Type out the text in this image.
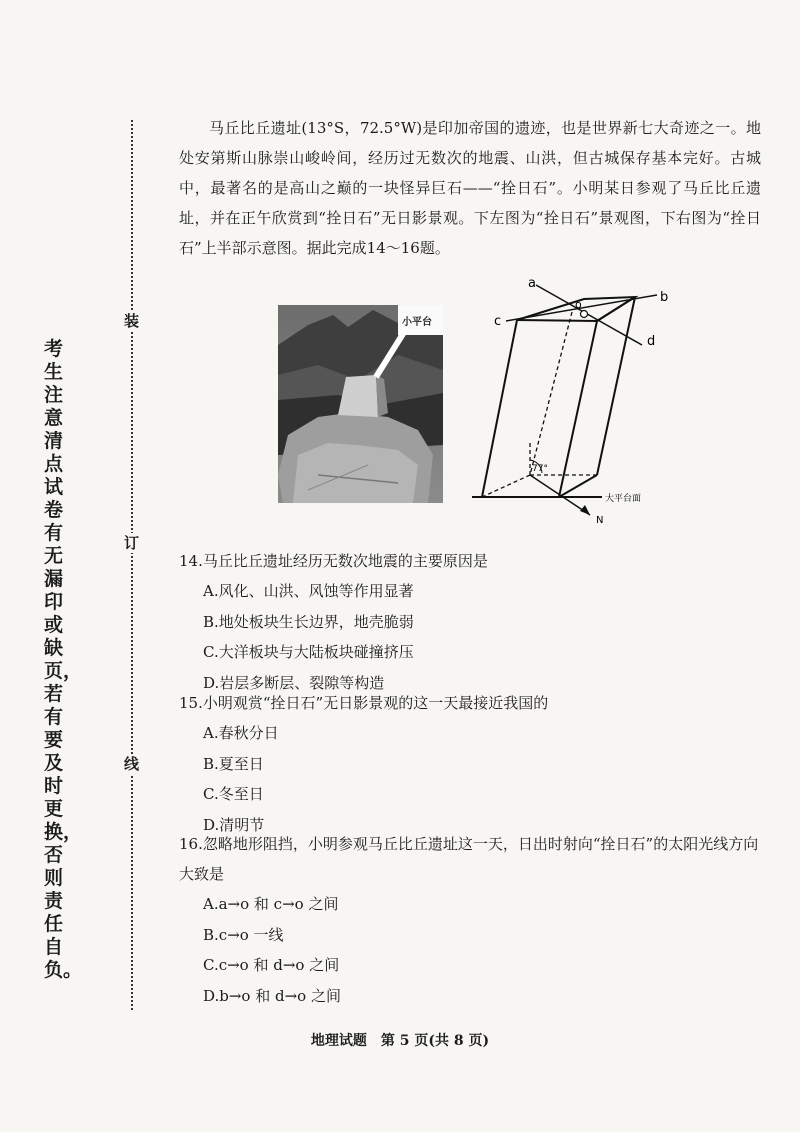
装
订
线
考生注意清点试卷有无漏印或缺页，若有要及时更换，否则责任自负。

马丘比丘遗址(13°S，72.5°W)是印加帝国的遗迹，也是世界新七大奇迹之一。地处安第斯山脉崇山峻岭间，经历过无数次的地震、山洪，但古城保存基本完好。古城中，最著名的是高山之巅的一块怪异巨石——“拴日石”。小明某日参观了马丘比丘遗址，并在正午欣赏到“拴日石”无日影景观。下左图为“拴日石”景观图，下右图为“拴日石”上半部示意图。据此完成14～16题。

小平台
a
b
c
d
o
N
77°
大平台面

14.马丘比丘遗址经历无数次地震的主要原因是

A.风化、山洪、风蚀等作用显著
B.地处板块生长边界，地壳脆弱
C.大洋板块与大陆板块碰撞挤压
D.岩层多断层、裂隙等构造

15.小明观赏“拴日石”无日影景观的这一天最接近我国的

A.春秋分日
B.夏至日
C.冬至日
D.清明节

16.忽略地形阻挡，小明参观马丘比丘遗址这一天，日出时射向“拴日石”的太阳光线方向大致是

A.a→o 和 c→o 之间
B.c→o 一线
C.c→o 和 d→o 之间
D.b→o 和 d→o 之间
地理试题　第 5 页(共 8 页)
